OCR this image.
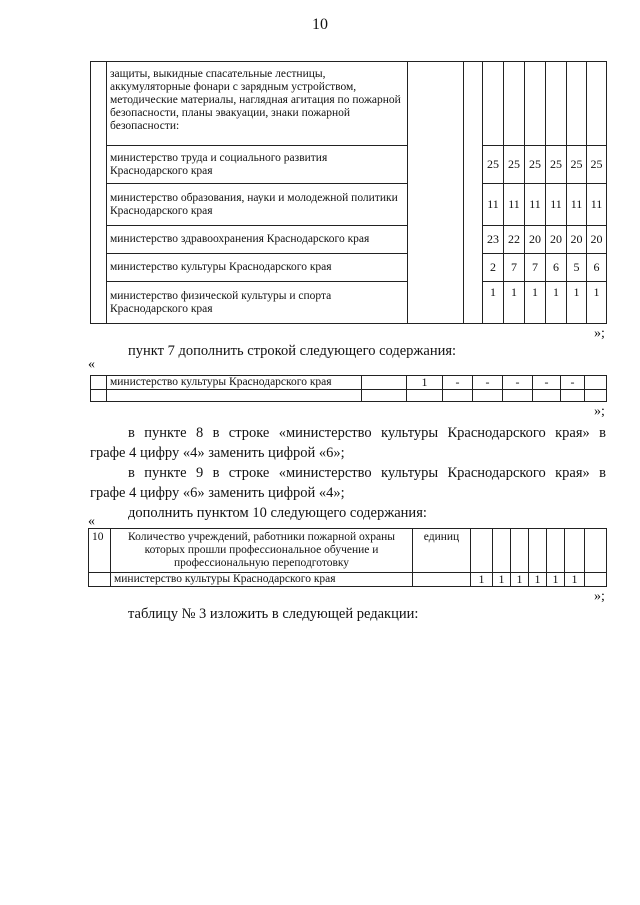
10
	защиты, выкидные спасательные лестницы, аккумуляторные фонари с зарядным устройством, методические материалы, наглядная агитация по пожарной безопасности, планы эвакуации, знаки пожарной безопасности:								
	министерство труда и социального развития Краснодарского края			25	25	25	25	25	25
	министерство образования, науки и молодежной политики Краснодарского края			11	11	11	11	11	11
	министерство здравоохранения Краснодарского края			23	22	20	20	20	20
	министерство культуры Краснодарского края			2	7	7	6	5	6
	министерство физической культуры и спорта Краснодарского края			1	1	1	1	1	1
»;
пункт 7 дополнить строкой следующего содержания:
«
	министерство культуры Краснодарского края		1	-	-	-	-	-	

»;
в пункте 8 в строке «министерство культуры Краснодарского края» в
графе 4 цифру «4» заменить цифрой «6»;
в пункте 9 в строке «министерство культуры Краснодарского края» в
графе 4 цифру «6» заменить цифрой «4»;
дополнить пунктом 10 следующего содержания:
«
10	Количество учреждений, работники пожарной охраны которых прошли профессиональное обучение и профессиональную переподготовку	единиц							
	министерство культуры Краснодарского края		1	1	1	1	1	1	
»;
таблицу № 3 изложить в следующей редакции:
